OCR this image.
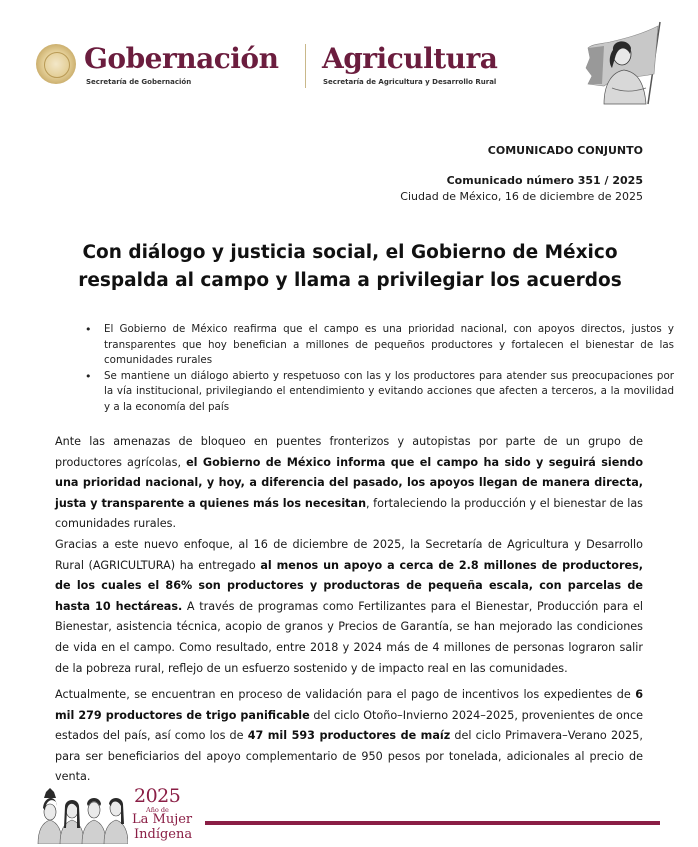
Gobernación
Secretaría de Gobernación
Agricultura
Secretaría de Agricultura y Desarrollo Rural
COMUNICADO CONJUNTO
Comunicado número 351 / 2025
Ciudad de México, 16 de diciembre de 2025
Con diálogo y justicia social, el Gobierno de México respalda al campo y llama a privilegiar los acuerdos
• El Gobierno de México reafirma que el campo es una prioridad nacional, con apoyos directos, justos y transparentes que hoy benefician a millones de pequeños productores y fortalecen el bienestar de las comunidades rurales
• Se mantiene un diálogo abierto y respetuoso con las y los productores para atender sus preocupaciones por la vía institucional, privilegiando el entendimiento y evitando acciones que afecten a terceros, a la movilidad y a la economía del país

Ante las amenazas de bloqueo en puentes fronterizos y autopistas por parte de un grupo de productores agrícolas, el Gobierno de México informa que el campo ha sido y seguirá siendo una prioridad nacional, y hoy, a diferencia del pasado, los apoyos llegan de manera directa, justa y transparente a quienes más los necesitan, fortaleciendo la producción y el bienestar de las comunidades rurales.

Gracias a este nuevo enfoque, al 16 de diciembre de 2025, la Secretaría de Agricultura y Desarrollo Rural (AGRICULTURA) ha entregado al menos un apoyo a cerca de 2.8 millones de productores, de los cuales el 86% son productores y productoras de pequeña escala, con parcelas de hasta 10 hectáreas. A través de programas como Fertilizantes para el Bienestar, Producción para el Bienestar, asistencia técnica, acopio de granos y Precios de Garantía, se han mejorado las condiciones de vida en el campo. Como resultado, entre 2018 y 2024 más de 4 millones de personas lograron salir de la pobreza rural, reflejo de un esfuerzo sostenido y de impacto real en las comunidades.

Actualmente, se encuentran en proceso de validación para el pago de incentivos los expedientes de 6 mil 279 productores de trigo panificable del ciclo Otoño–Invierno 2024–2025, provenientes de once estados del país, así como los de 47 mil 593 productores de maíz del ciclo Primavera–Verano 2025, para ser beneficiarios del apoyo complementario de 950 pesos por tonelada, adicionales al precio de venta.

2025
Año de
La Mujer
Indígena
